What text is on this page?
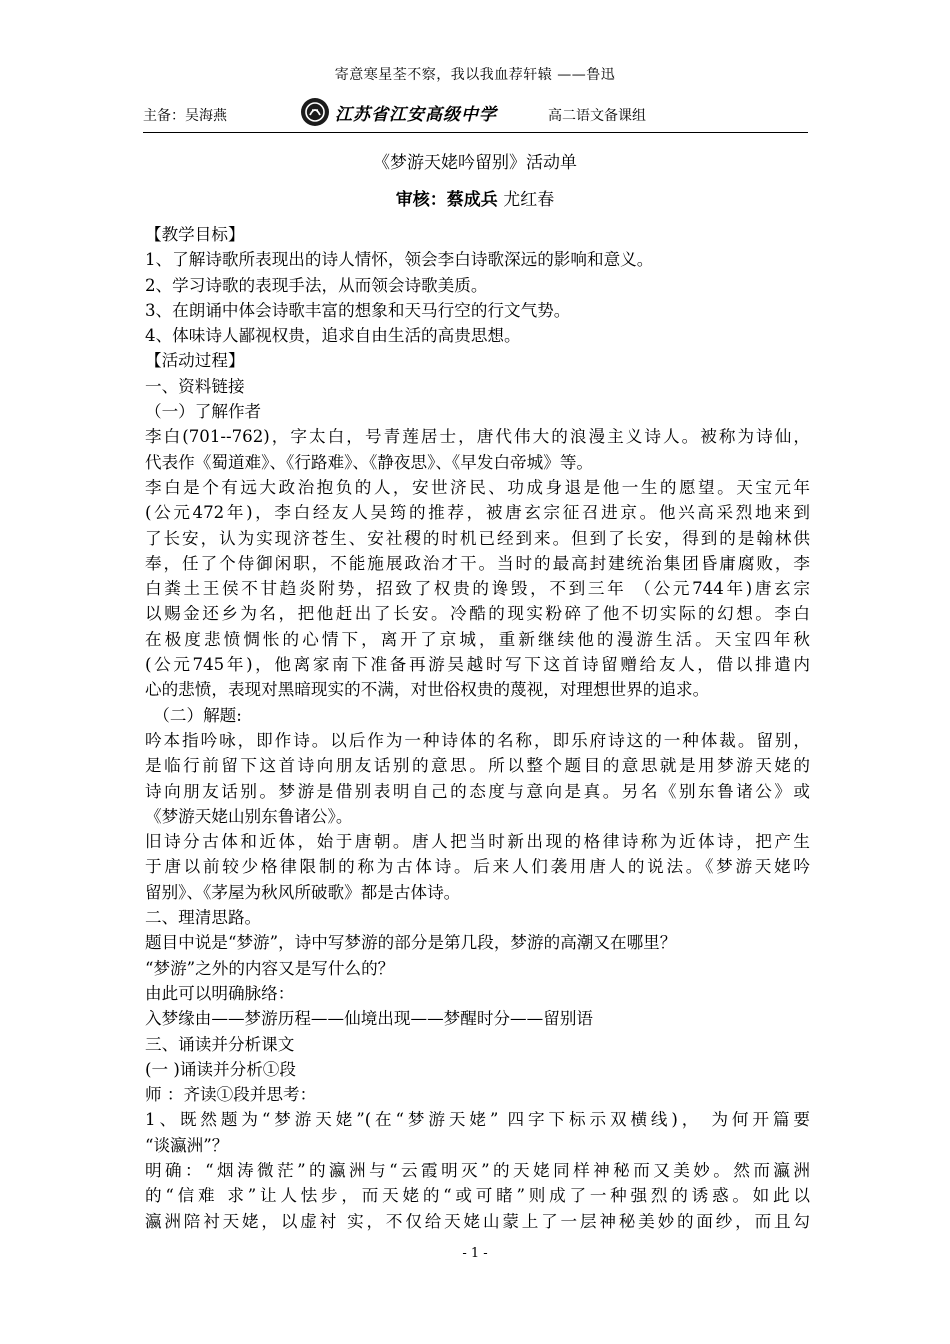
寄意寒星荃不察，我以我血荐轩辕 ——鲁迅
主备：吴海燕	江苏省江安高级中学	高二语文备课组
《梦游天姥吟留别》活动单
审核：蔡成兵 尤红春
【教学目标】
1、了解诗歌所表现出的诗人情怀，领会李白诗歌深远的影响和意义。
2、学习诗歌的表现手法，从而领会诗歌美质。
3、在朗诵中体会诗歌丰富的想象和天马行空的行文气势。
4、体味诗人鄙视权贵，追求自由生活的高贵思想。
【活动过程】
一、资料链接
（一）了解作者
李白(701--762)，字太白，号青莲居士，唐代伟大的浪漫主义诗人。被称为诗仙，
代表作《蜀道难》、《行路难》、《静夜思》、《早发白帝城》等。
李白是个有远大政治抱负的人，安世济民、功成身退是他一生的愿望。天宝元年
(公元472年)，李白经友人吴筠的推荐，被唐玄宗征召进京。他兴高采烈地来到
了长安，认为实现济苍生、安社稷的时机已经到来。但到了长安，得到的是翰林供
奉，任了个侍御闲职，不能施展政治才干。当时的最高封建统治集团昏庸腐败，李
白粪土王侯不甘趋炎附势，招致了权贵的谗毁，不到三年 （公元744年)唐玄宗
以赐金还乡为名，把他赶出了长安。冷酷的现实粉碎了他不切实际的幻想。李白
在极度悲愤惆怅的心情下，离开了京城，重新继续他的漫游生活。天宝四年秋
(公元745年)，他离家南下准备再游吴越时写下这首诗留赠给友人，借以排遣内
心的悲愤，表现对黑暗现实的不满，对世俗权贵的蔑视，对理想世界的追求。
　（二）解题:
吟本指吟咏，即作诗。以后作为一种诗体的名称，即乐府诗这的一种体裁。留别，
是临行前留下这首诗向朋友话别的意思。所以整个题目的意思就是用梦游天姥的
诗向朋友话别。梦游是借别表明自己的态度与意向是真。另名《别东鲁诸公》或
《梦游天姥山别东鲁诸公》。
旧诗分古体和近体，始于唐朝。唐人把当时新出现的格律诗称为近体诗，把产生
于唐以前较少格律限制的称为古体诗。后来人们袭用唐人的说法。《梦游天姥吟
留别》、《茅屋为秋风所破歌》都是古体诗。
二、理清思路。
题目中说是“梦游”，诗中写梦游的部分是第几段，梦游的高潮又在哪里？
“梦游”之外的内容又是写什么的？
由此可以明确脉络：
入梦缘由——梦游历程——仙境出现——梦醒时分——留别语
三、诵读并分析课文
(一 )诵读并分析①段
师 ：齐读①段并思考：
1、既然题为“梦游天姥”(在“梦游天姥” 四字下标示双横线)， 为何开篇要
“谈瀛洲”？
明确：“烟涛微茫”的瀛洲与“云霞明灭”的天姥同样神秘而又美妙。然而瀛洲
的“信难 求”让人怯步，而天姥的“或可睹”则成了一种强烈的诱惑。如此以
瀛洲陪衬天姥，以虚衬 实，不仅给天姥山蒙上了一层神秘美妙的面纱，而且勾
- 1 -
